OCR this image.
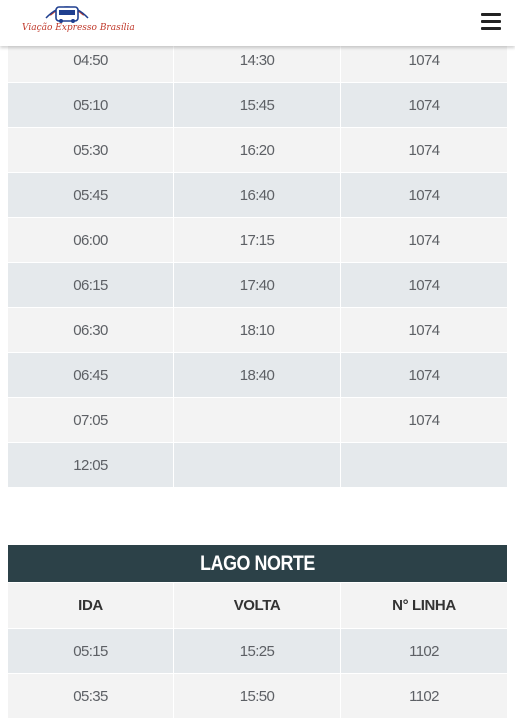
Viação Expresso Brasília
04:50	14:30	1074
05:10	15:45	1074
05:30	16:20	1074
05:45	16:40	1074
06:00	17:15	1074
06:15	17:40	1074
06:30	18:10	1074
06:45	18:40	1074
07:05		1074
12:05		
LAGO NORTE		
IDA	VOLTA	N° LINHA
05:15	15:25	1102
05:35	15:50	1102
